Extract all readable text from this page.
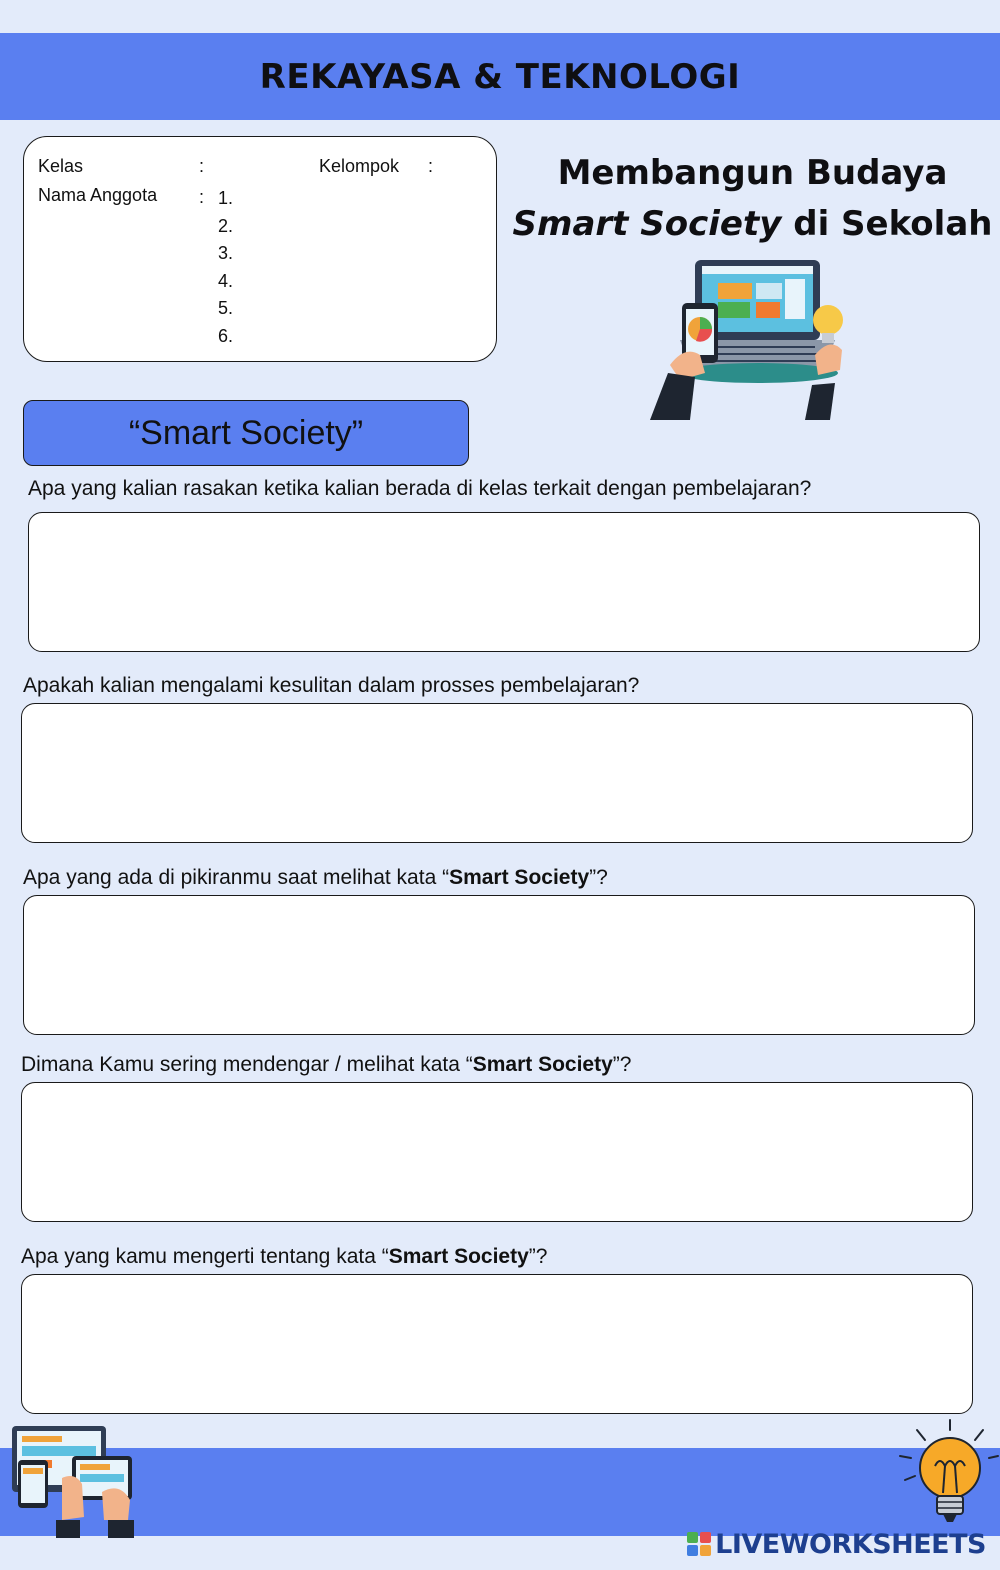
REKAYASA & TEKNOLOGI
Kelas	:	Kelompok :
Nama Anggota : 1.
2.
3.
4.
5.
6.
Membangun Budaya
Smart Society di Sekolah
“Smart Society”
Apa yang kalian rasakan ketika kalian berada di kelas terkait dengan pembelajaran?
Apakah kalian mengalami kesulitan dalam prosses pembelajaran?
Apa yang ada di pikiranmu saat melihat kata “Smart Society”?
Dimana Kamu sering mendengar / melihat kata “Smart Society”?
Apa yang kamu mengerti tentang kata “Smart Society”?
LIVEWORKSHEETS
